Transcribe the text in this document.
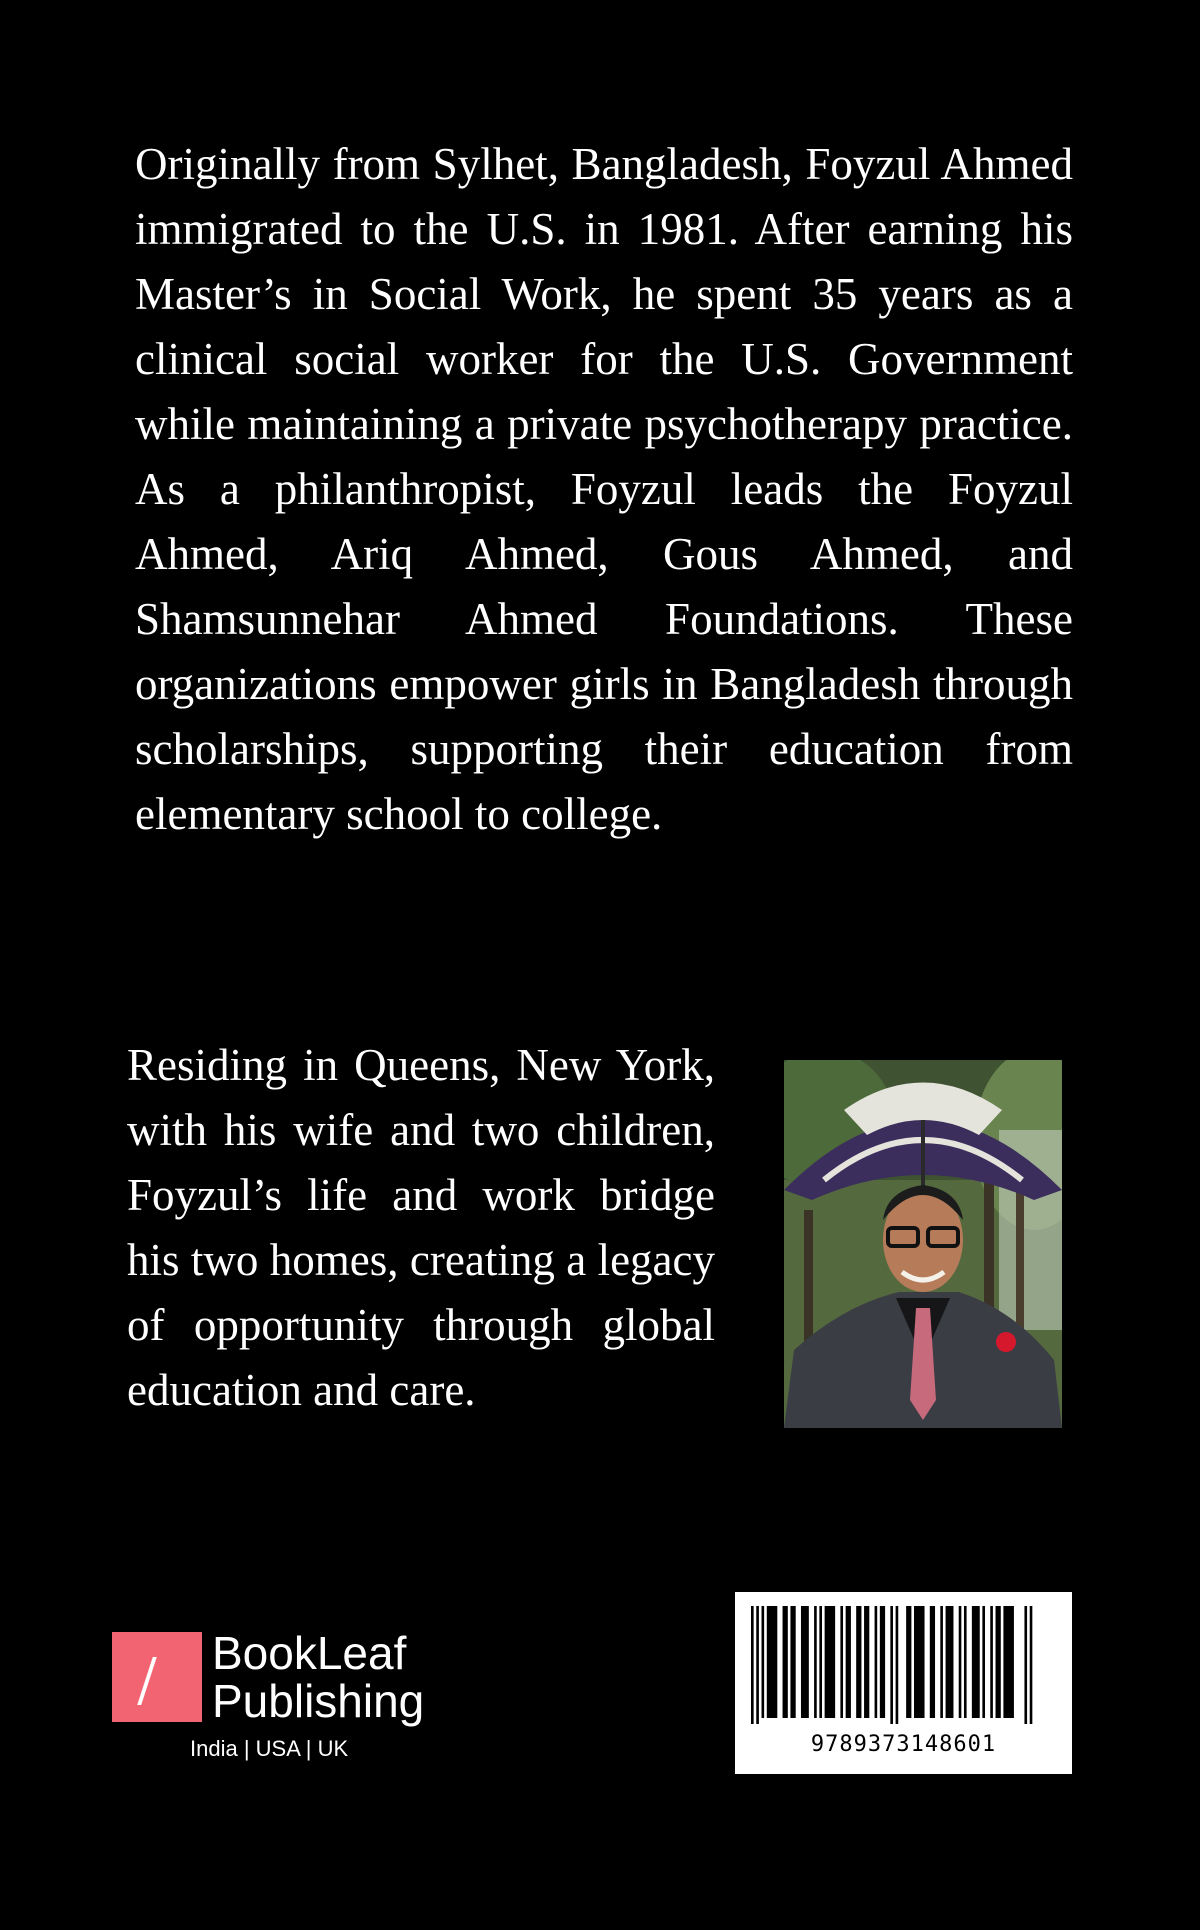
Originally from Sylhet, Bangladesh, Foyzul Ahmed immigrated to the U.S. in 1981. After earning his Master’s in Social Work, he spent 35 years as a clinical social worker for the U.S. Government while maintaining a private psychotherapy practice. As a philanthropist, Foyzul leads the Foyzul Ahmed, Ariq Ahmed, Gous Ahmed, and Shamsunnehar Ahmed Foundations. These organizations empower girls in Bangladesh through scholarships, supporting their education from elementary school to college.

Residing in Queens, New York, with his wife and two children, Foyzul’s life and work bridge his two homes, creating a legacy of opportunity through global education and care.

BookLeaf
Publishing
India | USA | UK	9789373148601
